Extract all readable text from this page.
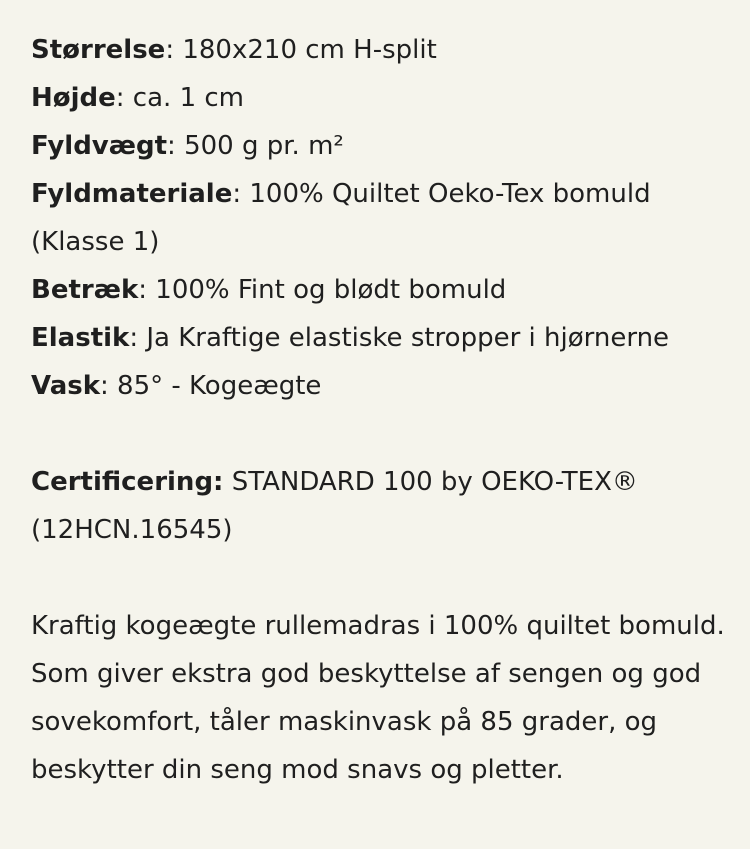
Størrelse: 180x210 cm H-split

Højde: ca. 1 cm

Fyldvægt: 500 g pr. m²

Fyldmateriale: 100% Quiltet Oeko-Tex bomuld (Klasse 1)

Betræk: 100% Fint og blødt bomuld

Elastik: Ja Kraftige elastiske stropper i hjørnerne

Vask: 85° - Kogeægte

Certificering: STANDARD 100 by OEKO-TEX® (12HCN.16545)

Kraftig kogeægte rullemadras i 100% quiltet bomuld. Som giver ekstra god beskyttelse af sengen og god sovekomfort, tåler maskinvask på 85 grader, og beskytter din seng mod snavs og pletter.
